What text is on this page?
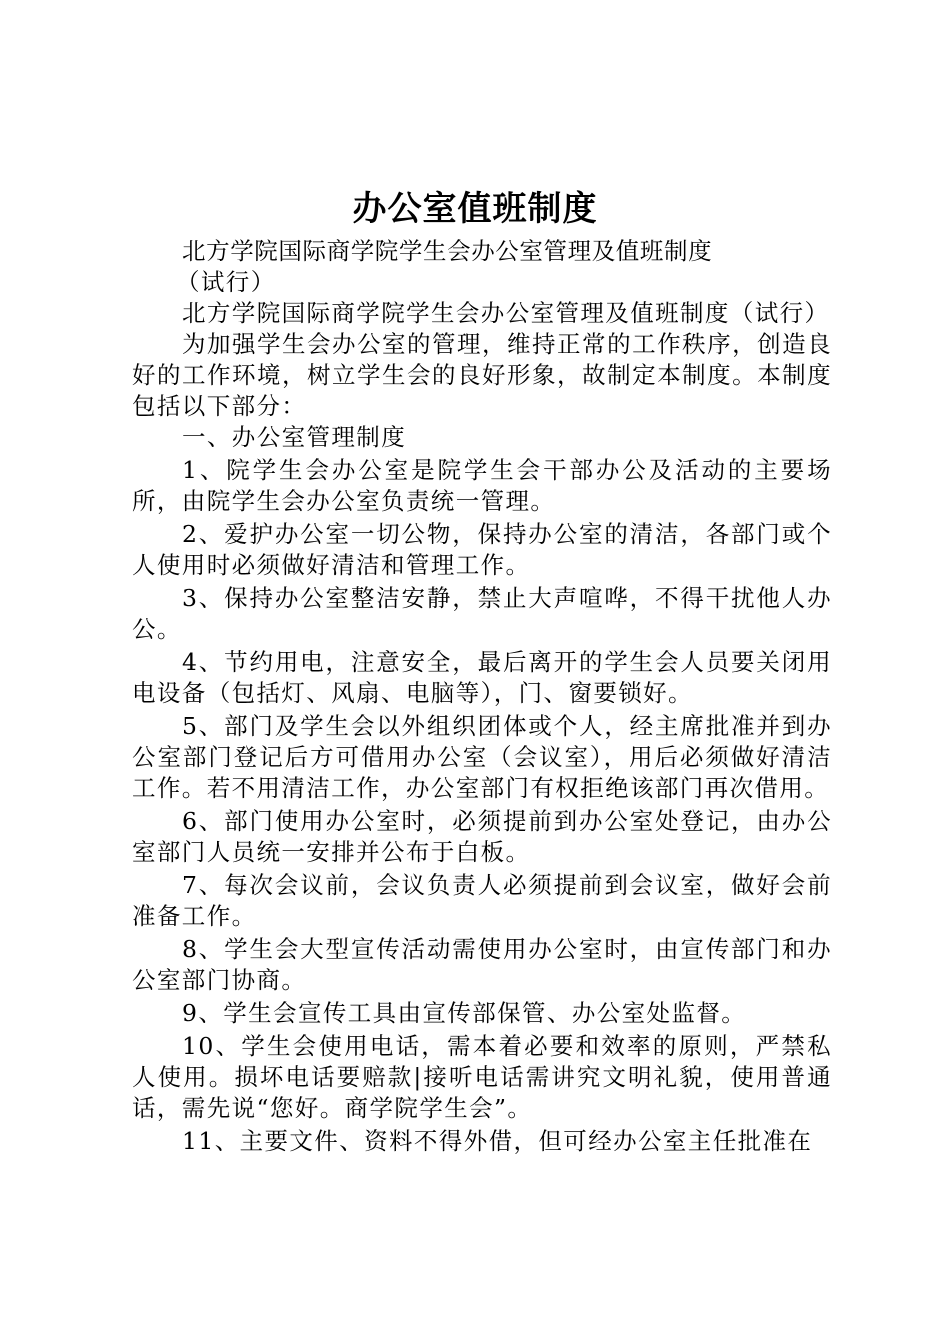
办公室值班制度

北方学院国际商学院学生会办公室管理及值班制度

（试行）

北方学院国际商学院学生会办公室管理及值班制度（试行）

为加强学生会办公室的管理，维持正常的工作秩序，创造良好的工作环境，树立学生会的良好形象，故制定本制度。本制度包括以下部分：

一、办公室管理制度

1、院学生会办公室是院学生会干部办公及活动的主要场所，由院学生会办公室负责统一管理。

2、爱护办公室一切公物，保持办公室的清洁，各部门或个人使用时必须做好清洁和管理工作。

3、保持办公室整洁安静，禁止大声喧哗，不得干扰他人办公。

4、节约用电，注意安全，最后离开的学生会人员要关闭用电设备（包括灯、风扇、电脑等），门、窗要锁好。

5、部门及学生会以外组织团体或个人，经主席批准并到办公室部门登记后方可借用办公室（会议室），用后必须做好清洁工作。若不用清洁工作，办公室部门有权拒绝该部门再次借用。

6、部门使用办公室时，必须提前到办公室处登记，由办公室部门人员统一安排并公布于白板。

7、每次会议前，会议负责人必须提前到会议室，做好会前准备工作。

8、学生会大型宣传活动需使用办公室时，由宣传部门和办公室部门协商。

9、学生会宣传工具由宣传部保管、办公室处监督。

10、学生会使用电话，需本着必要和效率的原则，严禁私人使用。损坏电话要赔款|接听电话需讲究文明礼貌，使用普通话，需先说“您好。商学院学生会”。

11、主要文件、资料不得外借，但可经办公室主任批准在
